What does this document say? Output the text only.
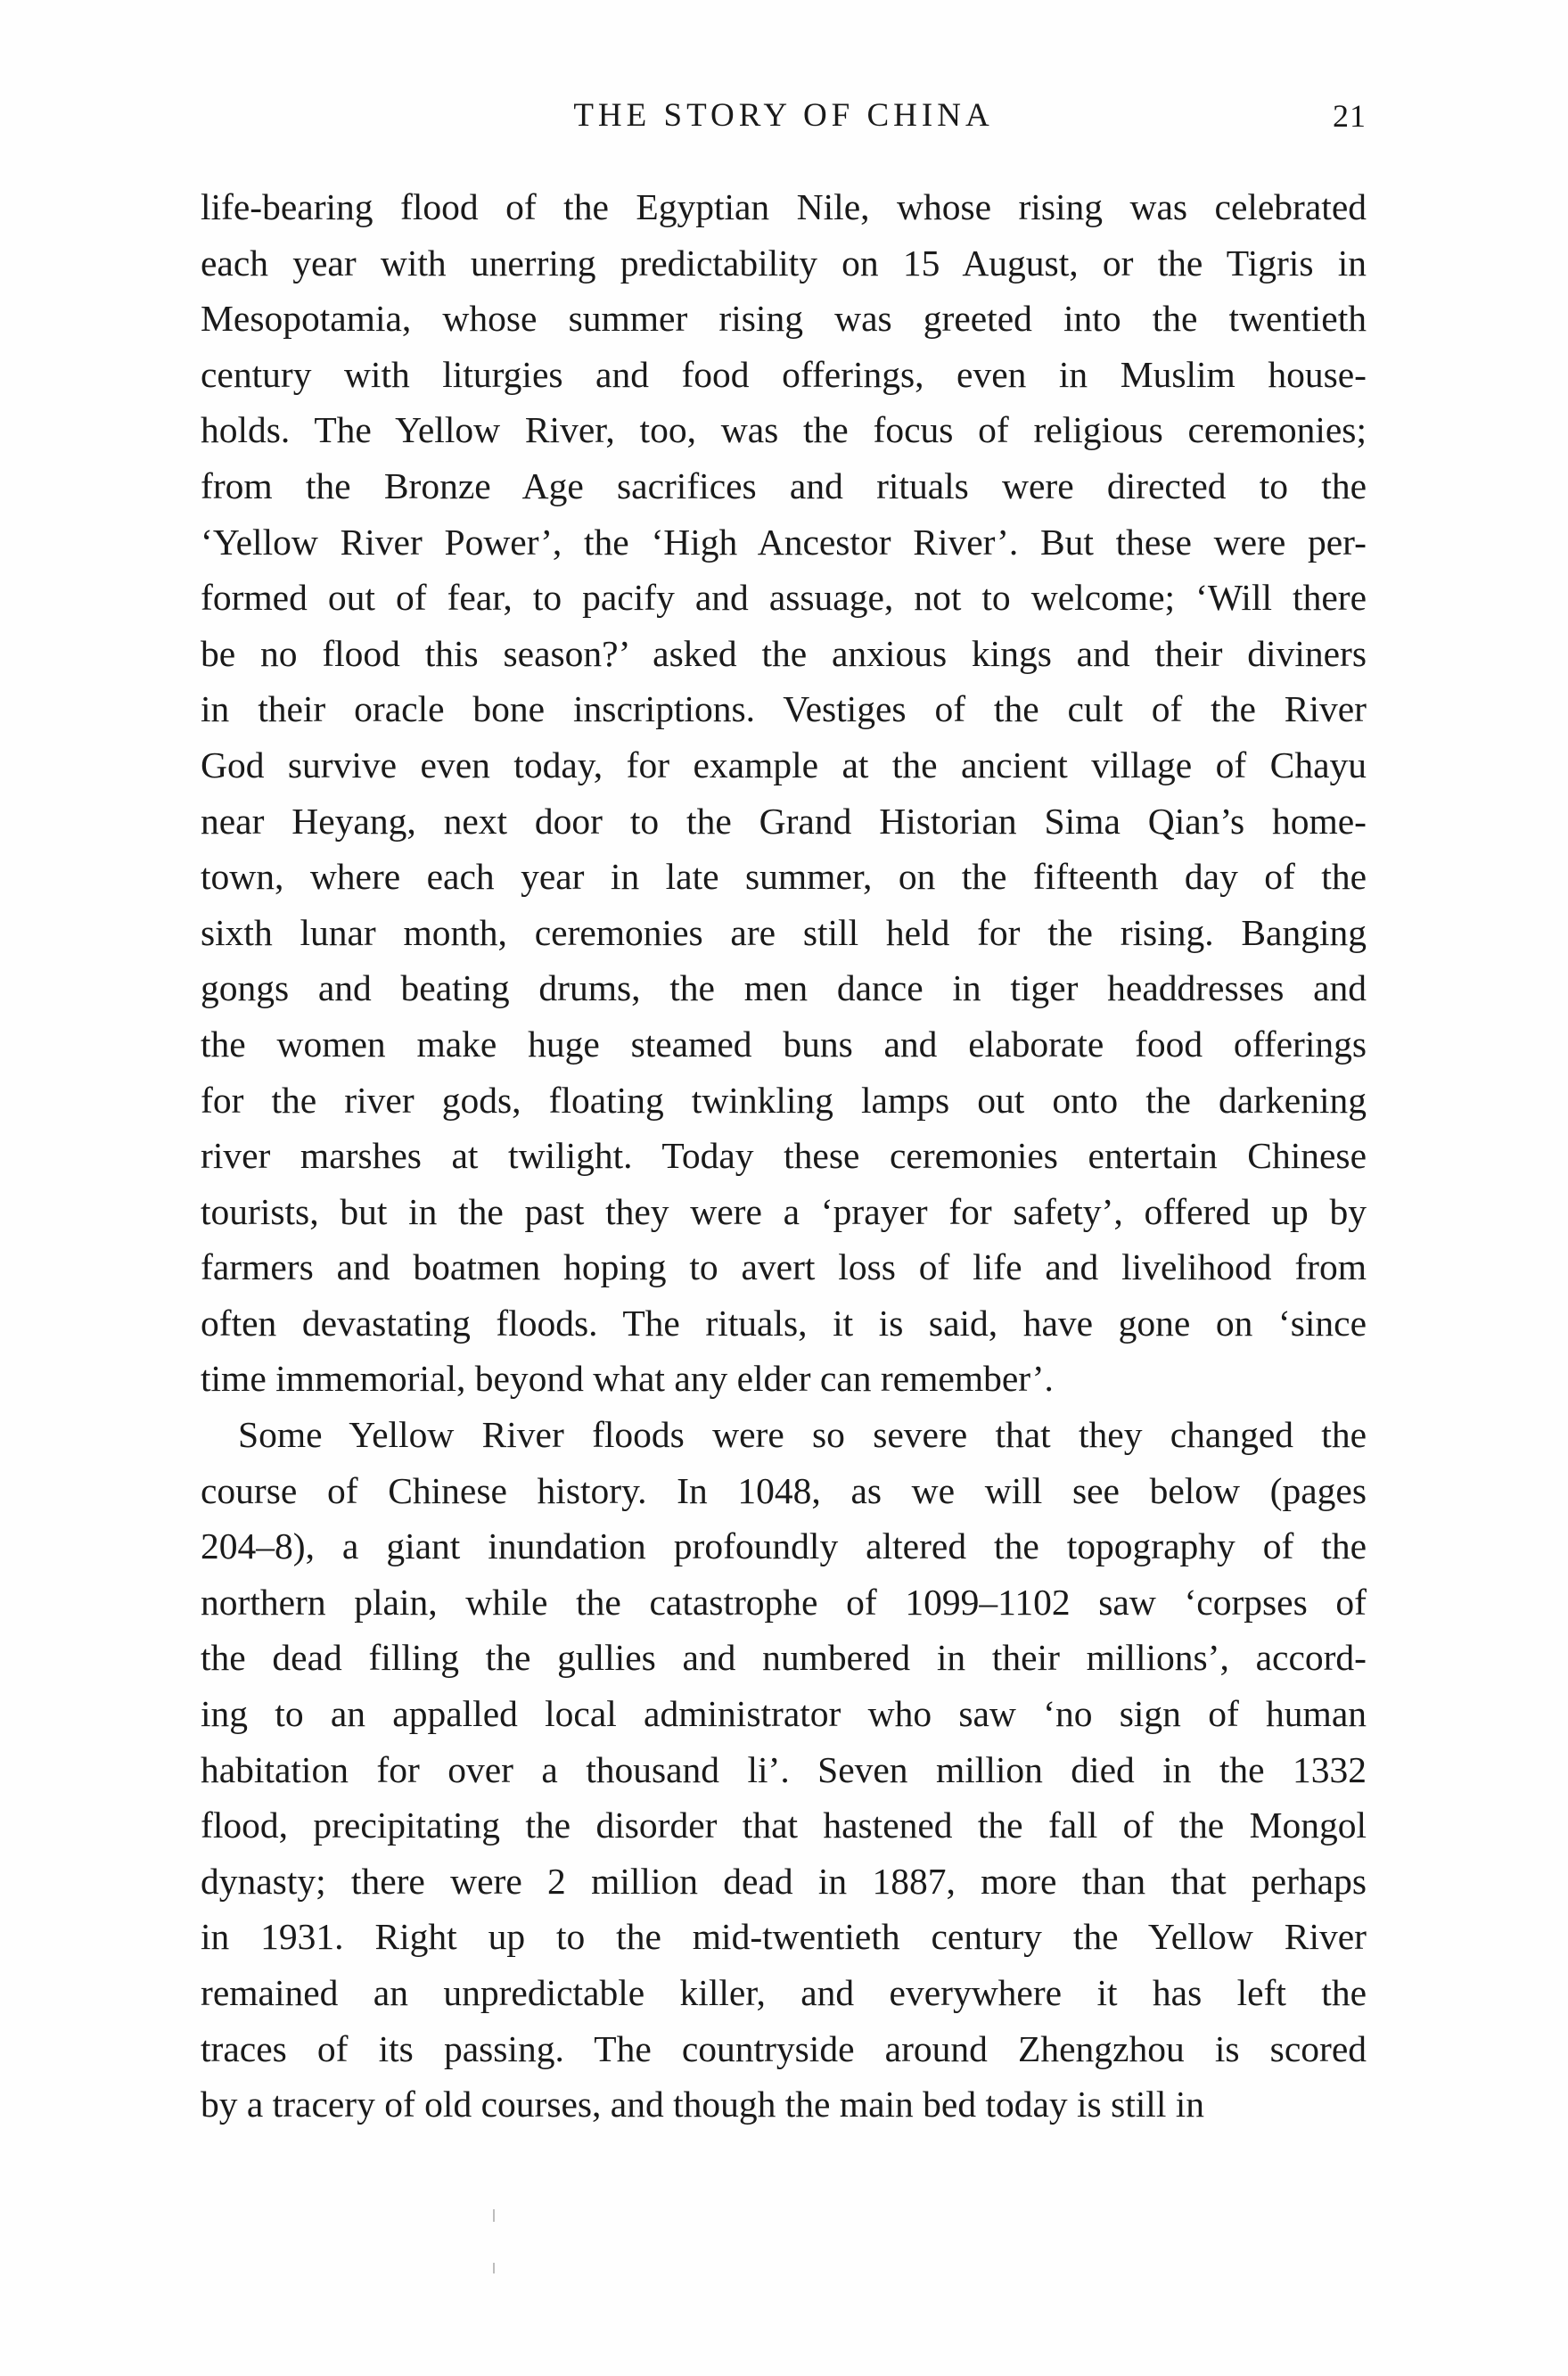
THE STORY OF CHINA	21
life-bearing flood of the Egyptian Nile, whose rising was celebrated
each year with unerring predictability on 15 August, or the Tigris in
Mesopotamia, whose summer rising was greeted into the twentieth
century with liturgies and food offerings, even in Muslim house-
holds. The Yellow River, too, was the focus of religious ceremonies;
from the Bronze Age sacrifices and rituals were directed to the
‘Yellow River Power’, the ‘High Ancestor River’. But these were per-
formed out of fear, to pacify and assuage, not to welcome; ‘Will there
be no flood this season?’ asked the anxious kings and their diviners
in their oracle bone inscriptions. Vestiges of the cult of the River
God survive even today, for example at the ancient village of Chayu
near Heyang, next door to the Grand Historian Sima Qian’s home-
town, where each year in late summer, on the fifteenth day of the
sixth lunar month, ceremonies are still held for the rising. Banging
gongs and beating drums, the men dance in tiger headdresses and
the women make huge steamed buns and elaborate food offerings
for the river gods, floating twinkling lamps out onto the darkening
river marshes at twilight. Today these ceremonies entertain Chinese
tourists, but in the past they were a ‘prayer for safety’, offered up by
farmers and boatmen hoping to avert loss of life and livelihood from
often devastating floods. The rituals, it is said, have gone on ‘since
time immemorial, beyond what any elder can remember’.
Some Yellow River floods were so severe that they changed the
course of Chinese history. In 1048, as we will see below (pages
204–8), a giant inundation profoundly altered the topography of the
northern plain, while the catastrophe of 1099–1102 saw ‘corpses of
the dead filling the gullies and numbered in their millions’, accord-
ing to an appalled local administrator who saw ‘no sign of human
habitation for over a thousand li’. Seven million died in the 1332
flood, precipitating the disorder that hastened the fall of the Mongol
dynasty; there were 2 million dead in 1887, more than that perhaps
in 1931. Right up to the mid-twentieth century the Yellow River
remained an unpredictable killer, and everywhere it has left the
traces of its passing. The countryside around Zhengzhou is scored
by a tracery of old courses, and though the main bed today is still in
